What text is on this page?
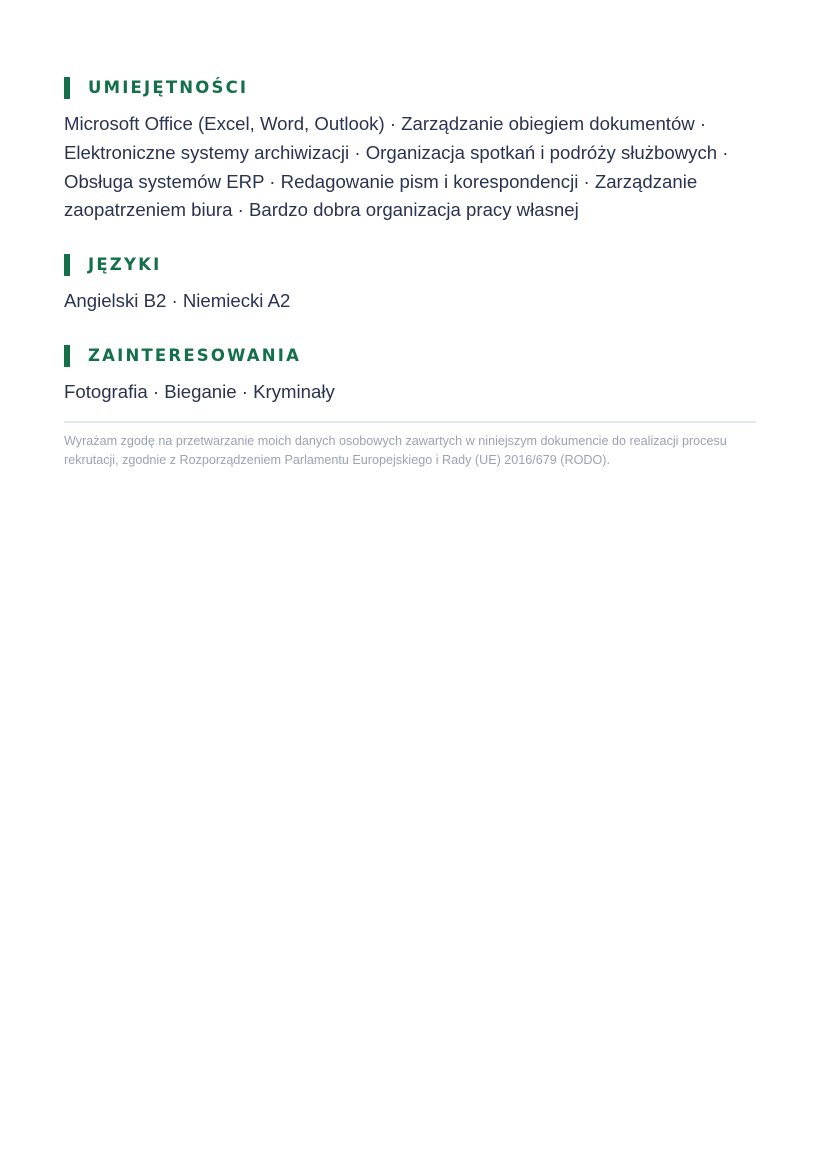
UMIEJĘTNOŚCI
Microsoft Office (Excel, Word, Outlook) · Zarządzanie obiegiem dokumentów · Elektroniczne systemy archiwizacji · Organizacja spotkań i podróży służbowych · Obsługa systemów ERP · Redagowanie pism i korespondencji · Zarządzanie zaopatrzeniem biura · Bardzo dobra organizacja pracy własnej
JĘZYKI
Angielski B2 · Niemiecki A2
ZAINTERESOWANIA
Fotografia · Bieganie · Kryminały
Wyrażam zgodę na przetwarzanie moich danych osobowych zawartych w niniejszym dokumencie do realizacji procesu rekrutacji, zgodnie z Rozporządzeniem Parlamentu Europejskiego i Rady (UE) 2016/679 (RODO).
